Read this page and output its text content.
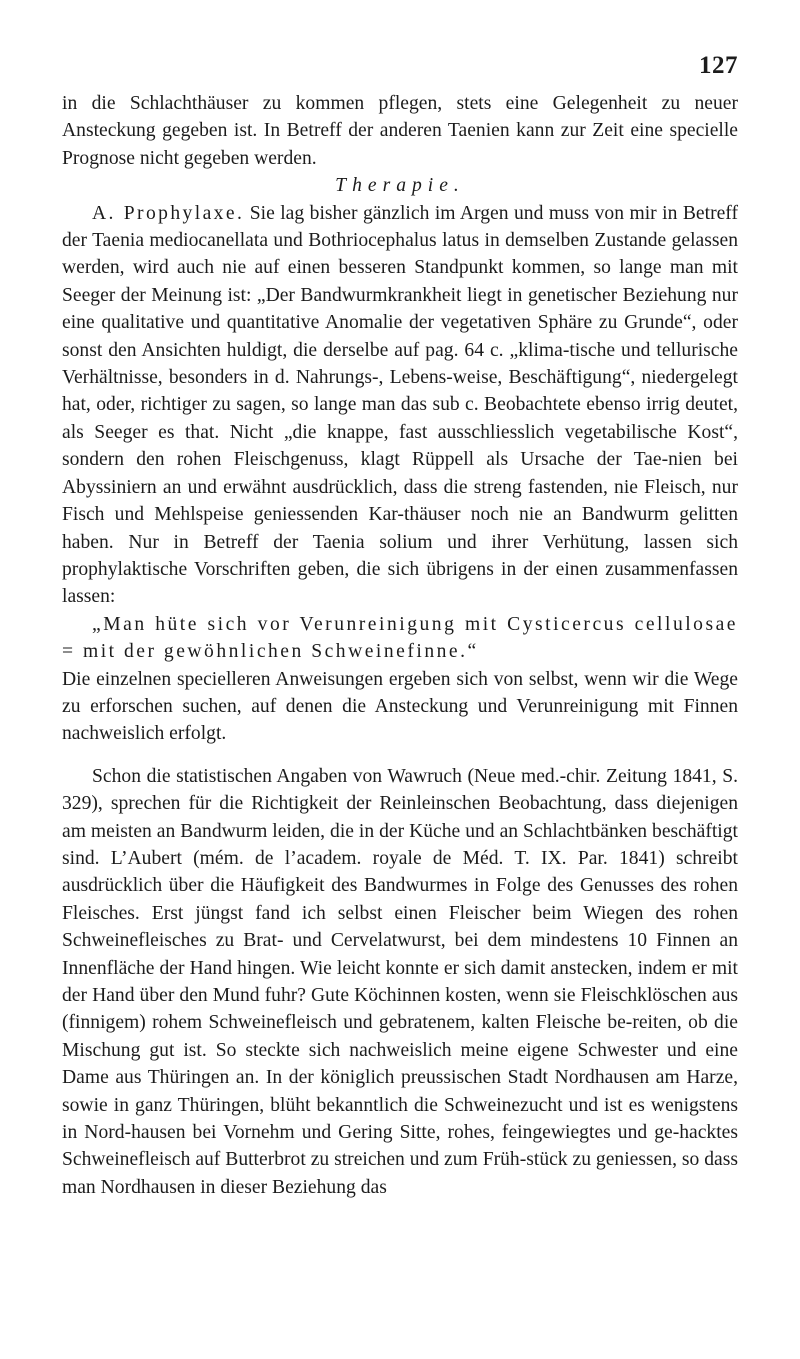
127

in die Schlachthäuser zu kommen pflegen, stets eine Gelegenheit zu neuer Ansteckung gegeben ist. In Betreff der anderen Taenien kann zur Zeit eine specielle Prognose nicht gegeben werden.

Therapie.

A. Prophylaxe. Sie lag bisher gänzlich im Argen und muss von mir in Betreff der Taenia mediocanellata und Bothriocephalus latus in demselben Zustande gelassen werden, wird auch nie auf einen besseren Standpunkt kommen, so lange man mit Seeger der Meinung ist: „Der Bandwurmkrankheit liegt in genetischer Beziehung nur eine qualitative und quantitative Anomalie der vegetativen Sphäre zu Grunde“, oder sonst den Ansichten huldigt, die derselbe auf pag. 64 c. „klima-tische und tellurische Verhältnisse, besonders in d. Nahrungs-, Lebens-weise, Beschäftigung“, niedergelegt hat, oder, richtiger zu sagen, so lange man das sub c. Beobachtete ebenso irrig deutet, als Seeger es that. Nicht „die knappe, fast ausschliesslich vegetabilische Kost“, sondern den rohen Fleischgenuss, klagt Rüppell als Ursache der Tae-nien bei Abyssiniern an und erwähnt ausdrücklich, dass die streng fastenden, nie Fleisch, nur Fisch und Mehlspeise geniessenden Kar-thäuser noch nie an Bandwurm gelitten haben. Nur in Betreff der Taenia solium und ihrer Verhütung, lassen sich prophylaktische Vorschriften geben, die sich übrigens in der einen zusammenfassen lassen:

„Man hüte sich vor Verunreinigung mit Cysticercus cellulosae = mit der gewöhnlichen Schweinefinne.“

Die einzelnen specielleren Anweisungen ergeben sich von selbst, wenn wir die Wege zu erforschen suchen, auf denen die Ansteckung und Verunreinigung mit Finnen nachweislich erfolgt.

Schon die statistischen Angaben von Wawruch (Neue med.-chir. Zeitung 1841, S. 329), sprechen für die Richtigkeit der Reinleinschen Beobachtung, dass diejenigen am meisten an Bandwurm leiden, die in der Küche und an Schlachtbänken beschäftigt sind. L’Aubert (mém. de l’academ. royale de Méd. T. IX. Par. 1841) schreibt ausdrücklich über die Häufigkeit des Bandwurmes in Folge des Genusses des rohen Fleisches. Erst jüngst fand ich selbst einen Fleischer beim Wiegen des rohen Schweinefleisches zu Brat- und Cervelatwurst, bei dem mindestens 10 Finnen an Innenfläche der Hand hingen. Wie leicht konnte er sich damit anstecken, indem er mit der Hand über den Mund fuhr? Gute Köchinnen kosten, wenn sie Fleischklöschen aus (finnigem) rohem Schweinefleisch und gebratenem, kalten Fleische be-reiten, ob die Mischung gut ist. So steckte sich nachweislich meine eigene Schwester und eine Dame aus Thüringen an. In der königlich preussischen Stadt Nordhausen am Harze, sowie in ganz Thüringen, blüht bekanntlich die Schweinezucht und ist es wenigstens in Nord-hausen bei Vornehm und Gering Sitte, rohes, feingewiegtes und ge-hacktes Schweinefleisch auf Butterbrot zu streichen und zum Früh-stück zu geniessen, so dass man Nordhausen in dieser Beziehung das
